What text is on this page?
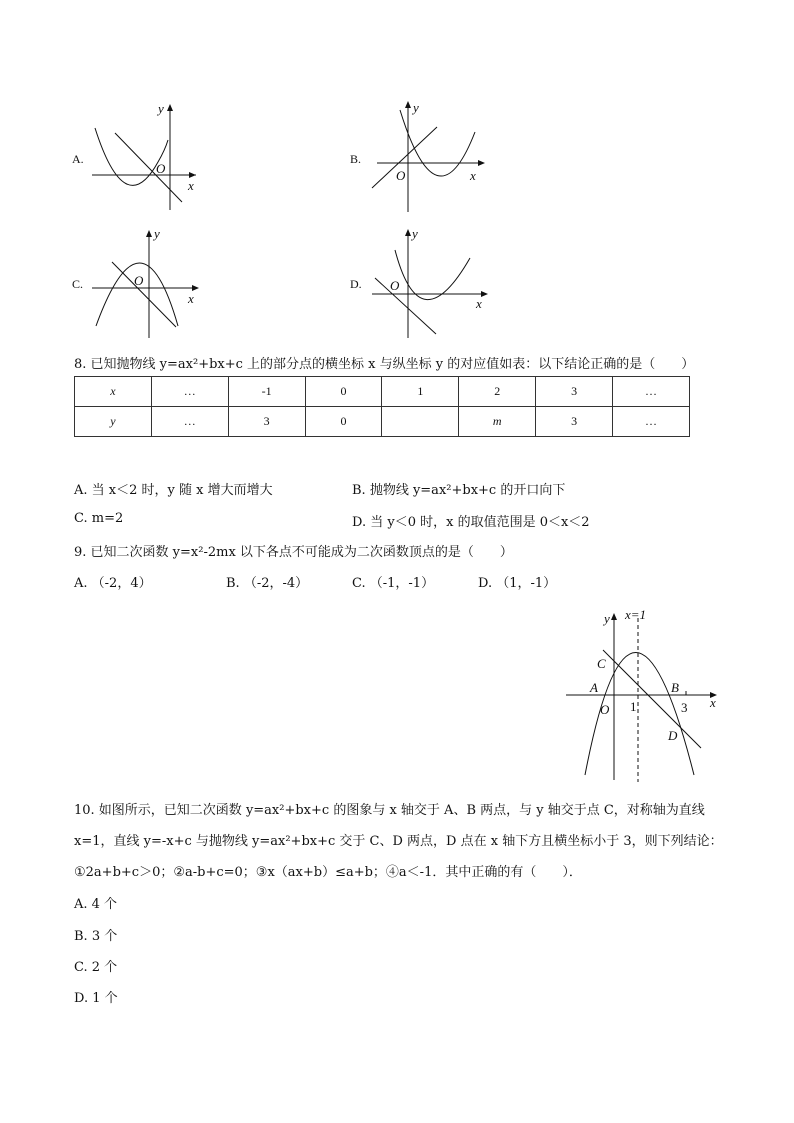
A.
y
x
O
B.
y
x
O
C.
y
x
O	D.
y
x
O
8. 已知抛物线 y=ax²+bx+c 上的部分点的横坐标 x 与纵坐标 y 的对应值如表：以下结论正确的是（　　）
x	…	-1	0	1	2	3	…
y	…	3	0		m	3	…
A. 当 x＜2 时，y 随 x 增大而增大	B. 抛物线 y=ax²+bx+c 的开口向下
C. m=2	D. 当 y＜0 时，x 的取值范围是 0＜x＜2
9. 已知二次函数 y=x²-2mx 以下各点不可能成为二次函数顶点的是（　　）
A. （-2，4）	B. （-2，-4）	C. （-1，-1）	D. （1，-1）
x=1
y
x
C
A	B
O
D
1	3
10. 如图所示，已知二次函数 y=ax²+bx+c 的图象与 x 轴交于 A、B 两点，与 y 轴交于点 C，对称轴为直线
x=1，直线 y=-x+c 与抛物线 y=ax²+bx+c 交于 C、D 两点，D 点在 x 轴下方且横坐标小于 3，则下列结论：
①2a+b+c＞0；②a-b+c=0；③x（ax+b）≤a+b；④a＜-1．其中正确的有（　　）．
A. 4 个
B. 3 个
C. 2 个
D. 1 个
